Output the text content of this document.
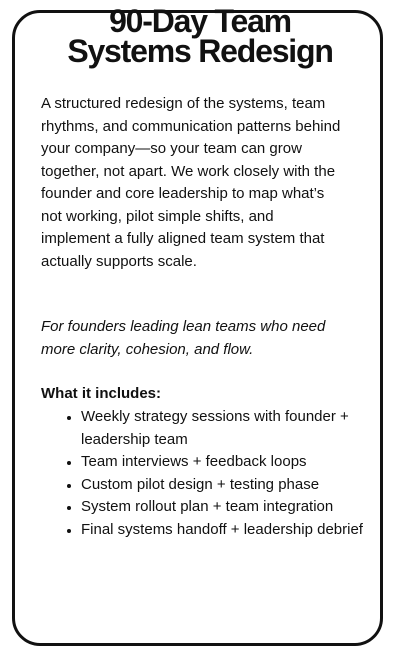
90-Day Team
Systems Redesign

A structured redesign of the systems, team rhythms, and communication patterns behind your company—so your team can grow together, not apart. We work closely with the founder and core leadership to map what’s not working, pilot simple shifts, and implement a fully aligned team system that actually supports scale.

For founders leading lean teams who need more clarity, cohesion, and flow.

What it includes:

• Weekly strategy sessions with founder + leadership team
• Team interviews + feedback loops
• Custom pilot design + testing phase
• System rollout plan + team integration
• Final systems handoff + leadership debrief
